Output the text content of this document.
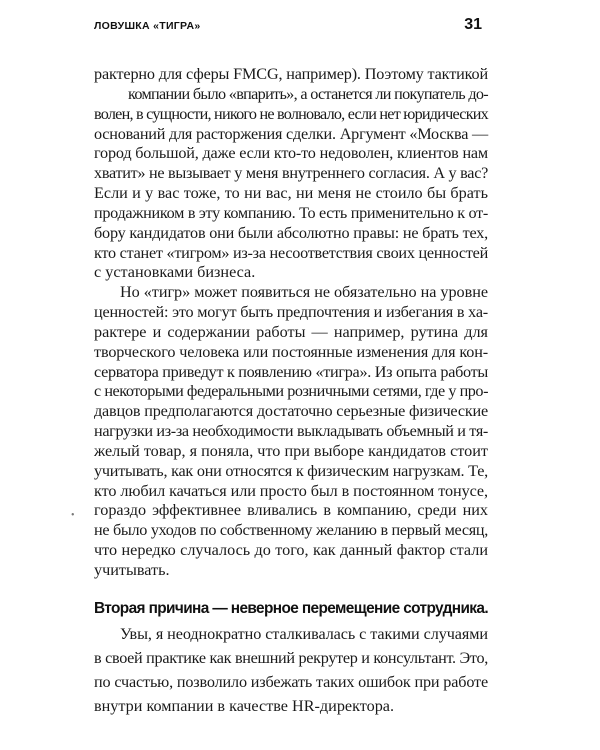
ЛОВУШКА «ТИГРА»	31
•
рактерно для сферы FMCG, например). Поэтому тактикой
компании было «впарить», а останется ли покупатель до-
волен, в сущности, никого не волновало, если нет юридических
оснований для расторжения сделки. Аргумент «Москва —
город большой, даже если кто-то недоволен, клиентов нам
хватит» не вызывает у меня внутреннего согласия. А у вас?
Если и у вас тоже, то ни вас, ни меня не стоило бы брать
продажником в эту компанию. То есть применительно к от-
бору кандидатов они были абсолютно правы: не брать тех,
кто станет «тигром» из-за несоответствия своих ценностей
с установками бизнеса.
Но «тигр» может появиться не обязательно на уровне
ценностей: это могут быть предпочтения и избегания в ха-
рактере и содержании работы — например, рутина для
творческого человека или постоянные изменения для кон-
серватора приведут к появлению «тигра». Из опыта работы
с некоторыми федеральными розничными сетями, где у про-
давцов предполагаются достаточно серьезные физические
нагрузки из-за необходимости выкладывать объемный и тя-
желый товар, я поняла, что при выборе кандидатов стоит
учитывать, как они относятся к физическим нагрузкам. Те,
кто любил качаться или просто был в постоянном тонусе,
гораздо эффективнее вливались в компанию, среди них
не было уходов по собственному желанию в первый месяц,
что нередко случалось до того, как данный фактор стали
учитывать.
Вторая причина — неверное перемещение сотрудника.
Увы, я неоднократно сталкивалась с такими случаями
в своей практике как внешний рекрутер и консультант. Это,
по счастью, позволило избежать таких ошибок при работе
внутри компании в качестве HR-директора.
